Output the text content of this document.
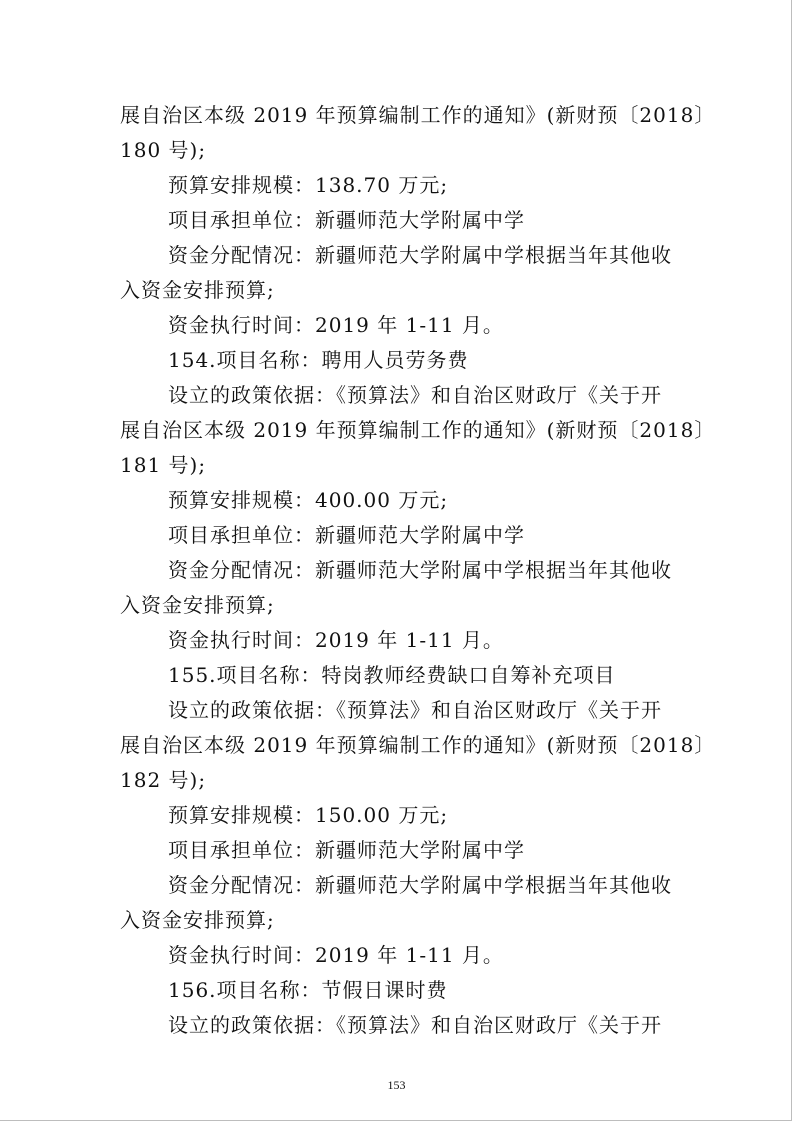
展自治区本级 2019 年预算编制工作的通知》(新财预〔2018〕
180 号);
预算安排规模：138.70 万元;
项目承担单位：新疆师范大学附属中学
资金分配情况：新疆师范大学附属中学根据当年其他收
入资金安排预算;
资金执行时间：2019 年 1-11 月。
154.项目名称：聘用人员劳务费
设立的政策依据：《预算法》和自治区财政厅《关于开
展自治区本级 2019 年预算编制工作的通知》(新财预〔2018〕
181 号);
预算安排规模：400.00 万元;
项目承担单位：新疆师范大学附属中学
资金分配情况：新疆师范大学附属中学根据当年其他收
入资金安排预算;
资金执行时间：2019 年 1-11 月。
155.项目名称：特岗教师经费缺口自筹补充项目
设立的政策依据：《预算法》和自治区财政厅《关于开
展自治区本级 2019 年预算编制工作的通知》(新财预〔2018〕
182 号);
预算安排规模：150.00 万元;
项目承担单位：新疆师范大学附属中学
资金分配情况：新疆师范大学附属中学根据当年其他收
入资金安排预算;
资金执行时间：2019 年 1-11 月。
156.项目名称：节假日课时费
设立的政策依据：《预算法》和自治区财政厅《关于开
153
